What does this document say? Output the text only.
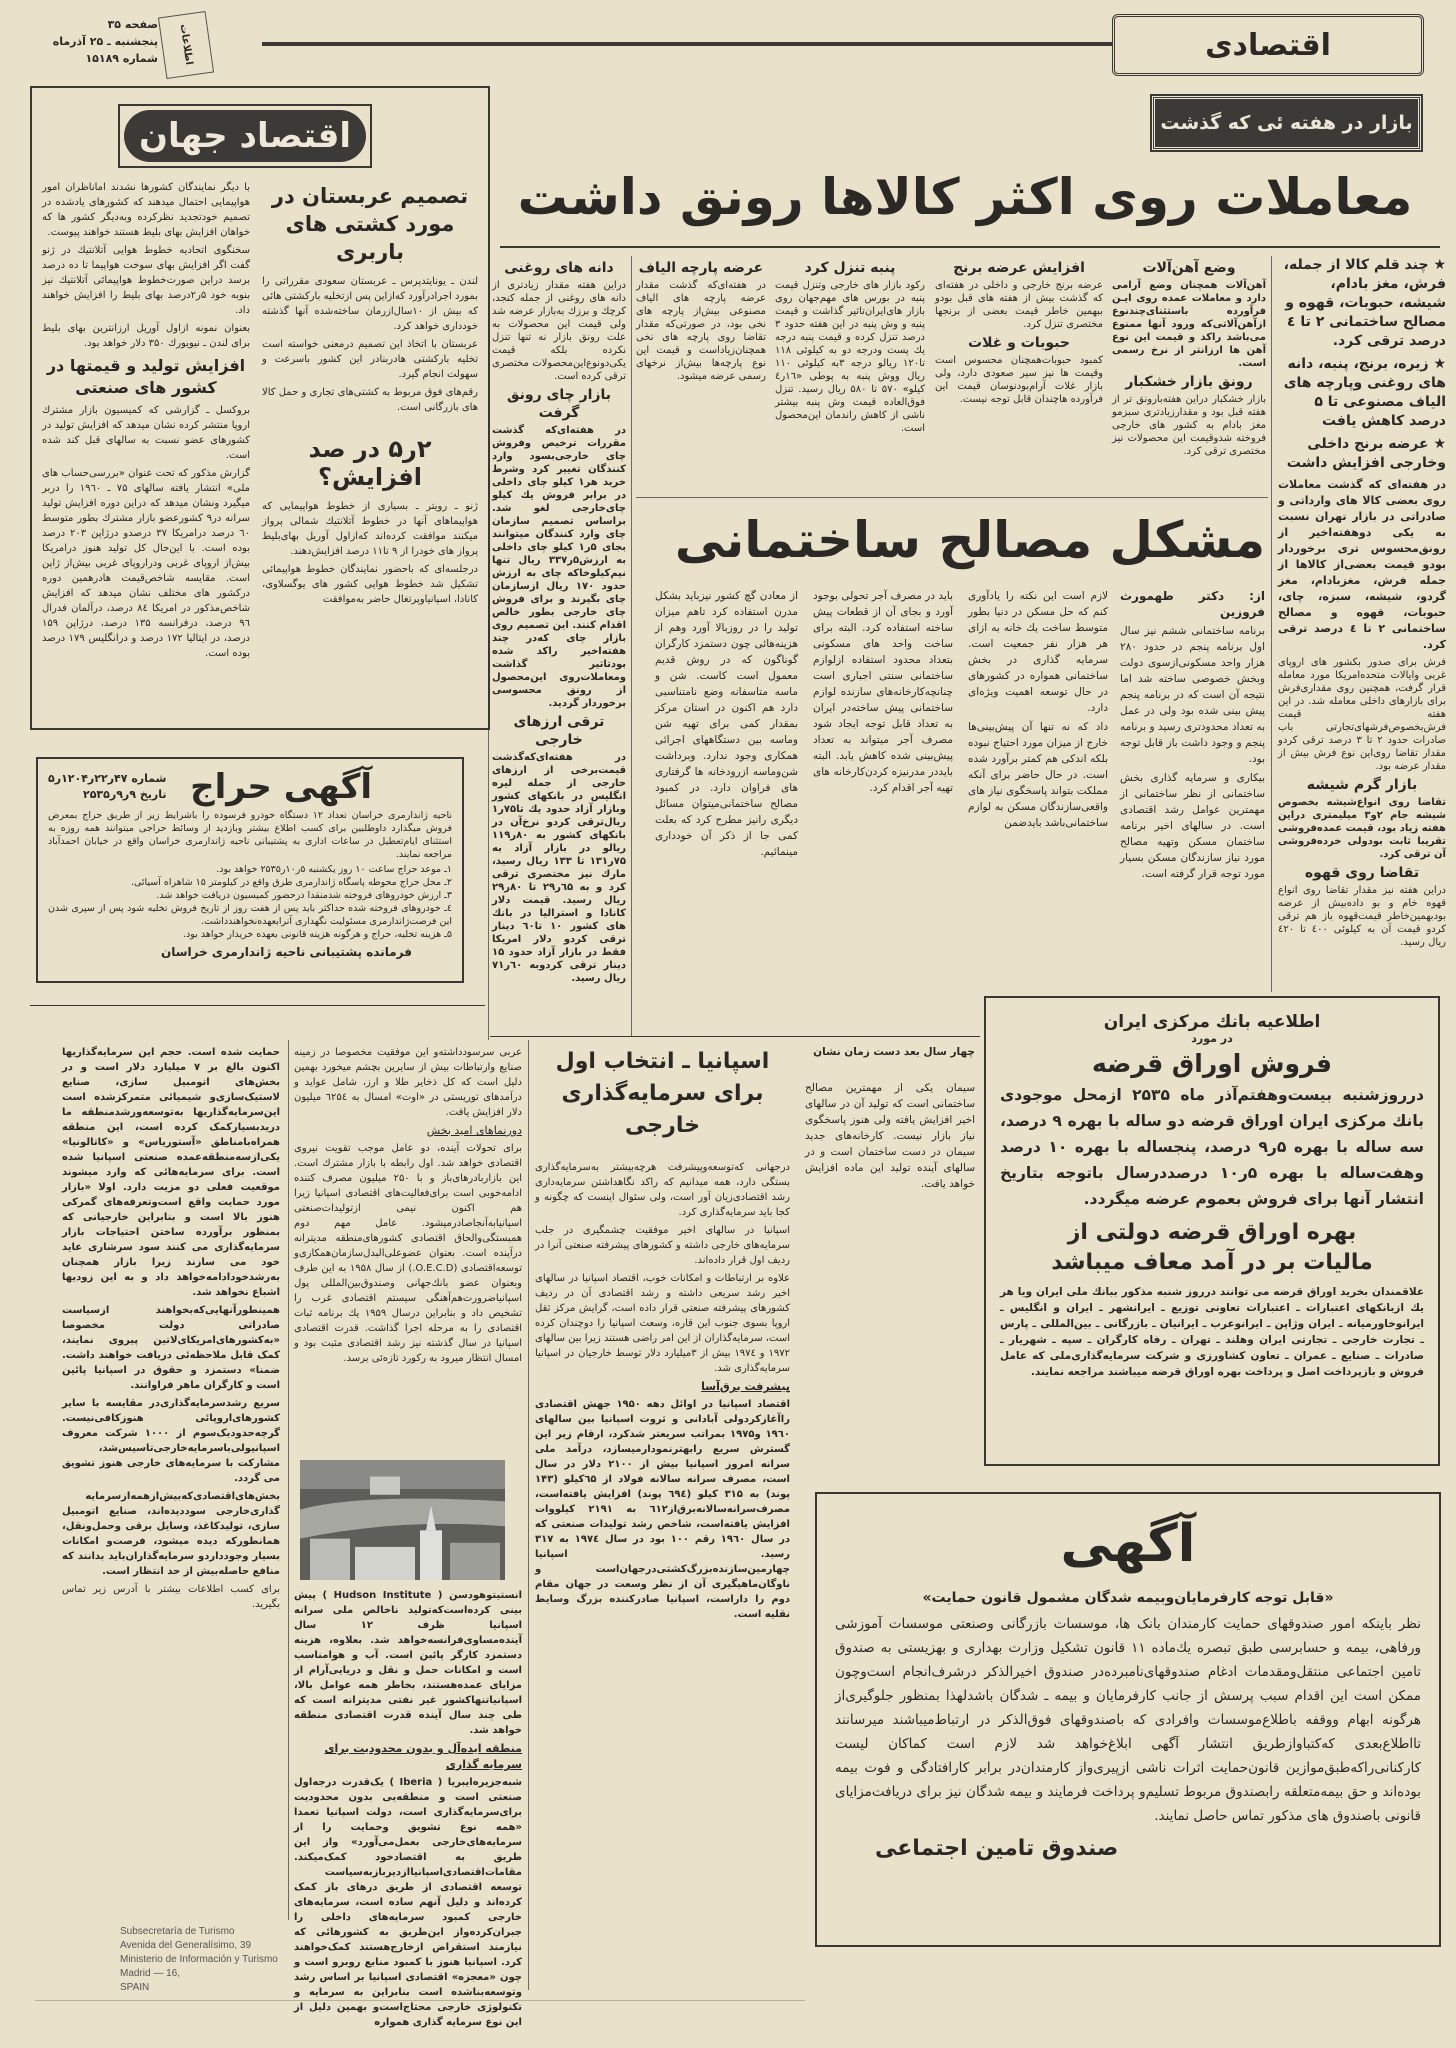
اقتصادی
اطلاعات
صفحه ۳۵
پنجشنبه ـ ۲۵ آذرماه
شماره ۱۵۱۸۹
بازار در هفته ئی که گذشت
معاملات روی اکثر کالاها رونق داشت

★ چند قلم کالا از جمله، فرش، مغز بادام، شیشه، حبوبات، قهوه و مصالح ساختمانی ۲ تا ٤ درصد ترقی کرد.

★ زیره، برنج، پنبه، دانه های روغنی وپارچه های الیاف مصنوعی تا ۵ درصد کاهش یافت

★ عرضه برنج داخلی وخارجی افزایش داشت

در هفته‌ای که گذشت معاملات روی بعضی کالا های وارداتی و صادراتی در بازار تهران نسبت به یکی دوهفته‌اخیر از رونق‌محسوس تری برخوردار بودو قیمت بعضی‌از کالاها از جمله فرش، مغزبادام، مغز گردو، شیشه، سبزه، چای، حبوبات، قهوه و مصالح ساختمانی ۲ تا ٤ درصد ترقی کرد.

فرش برای صدور بکشور های اروپای غربی وایالات متحده‌امریکا مورد معامله قرار گرفت، همچنین روی مقداری‌فرش برای بازارهای داخلی معامله شد. در این هفته قیمت فرش‌بخصوص‌فرشهای‌تجارتی باب صادرات حدود ۲ تا ۳ درصد ترقی کردو مقدار تقاضا روی‌این نوع فرش بیش از مقدار عرضه بود.

بازار گرم شیشه

تقاضا روی انواع‌شیشه بخصوص شیشه جام ۲و۳ میلیمتری دراین هفته زیاد بود، قیمت عمده‌فروشی تقریبا ثابت بودولی خرده‌فروشی آن ترقی کرد.

تقاضا روی قهوه

دراین هفته نیز مقدار تقاضا روی انواع قهوه خام و بو داده‌بیش از عرضه بودبهمین‌خاطر قیمت‌قهوه باز هم ترقی کردو قیمت آن به کیلوئی ٤۰۰ تا ٤۲۰ ریال رسید.

وضع آهن‌آلات

آهن‌آلات همچنان وضع آرامی دارد و معاملات عمده روی ایـن فرآورده باستثنای‌چندنوع ازآهن‌آلاتی‌که ورود آنها ممنوع می‌باشد راکد و قیمت این نوع آهن ها ارزانتر از نرخ رسمی است.

رونق بازار خشکبار

بازار خشکبار دراین هفته‌بارونق تر از هفته قبل بود و مقدارزیادتری سبزمو مغز بادام به کشور های خارجی فروخته شدوقیمت این محصولات نیز مختصری ترقی کرد.

افزایش عرضه برنج

عرضه برنج خارجی و داخلی در هفته‌ای که گذشت بیش از هفته های قبل بودو ببهمین خاطر قیمت بعضی از برنجها مختصری تنزل کرد.

حبوبات و غلات

کمبود حبوبات‌همچنان محسوس است وقیمت ها نیز سیر صعودی دارد، ولی بازار غلات آرام‌بودنوسان قیمت این فرآورده هاچندان قابل توجه نیست.

پنبه تنزل کرد

رکود بازار های خارجی وتنزل قیمت پنبه در بورس های مهم‌جهان روی بازار های‌ایران‌تاثیر گذاشت و قیمت پنبه و وش پنبه در این هفته حدود ۳ درصد تنزل کرده و قیمت پنبه درجه یك پست ودرجه دو به کیلوئی ۱۱۸ تا۱۲۰ ریالو درجه ۳به کیلوئی ۱۱۰ ریال ووش پنبه به پوطی «۱٦ر٤ کیلو» ۵۷۰ تا ۵۸۰ ریال رسید. تنزل فوق‌العاده قیمت وش پنبه بیشتر ناشی از کاهش راندمان این‌محصول است.

عرضه پارچه الیاف

در هفته‌ای‌که گذشت مقدار عرضه پارچه های الیاف مصنوعی بیش‌از پارچه های نخی بود، در صورتی‌که مقدار تقاضا روی پارچه های نخی همچنان‌زیاداست و قیمت این نوع پارچه‌ها بیش‌از نرخهای رسمی عرضه میشود.

دانه های روغنی

دراین هفته مقدار زیادتری از دانه های روغنی از جمله کنجد، کرچك و برزك به‌بازار عرضه شد ولی قیمت این محصولات به علت رونق بازار نه تنها تنزل نکرده بلکه قیمت یکی‌دونوع‌این‌محصولات مختصری ترقی کرده است.

بازار چای رونق گرفت

در هفته‌ای‌که گذشت مقررات ترخیص وفروش چای خارجی‌بسود وارد کنندگان تغییر کرد وشرط خرید هر۱ کیلو چای داخلی در برابر فروش یك کیلو چای‌خارجی لغو شد. براساس تصمیم سازمان چای وارد کنندگان میتوانند بجای ۵ر۱ کیلو چای داخلی به ارزش۵ر۳۳۷ ریال تنها نیم‌کیلوخاکه چای به ارزش حدود ۱۷۰ ریال ازسازمان چای بگیرند و برای فروش چای خارجی بطور خالص اقدام کنند. این تصمیم روی بازار چای که‌در چند هفته‌اخیر راکد شده بود‌تاثیر گذاشت ومعاملات‌روی این‌محصول از رونق محسوسی برخوردار گردید.

ترقی ارزهای خارجی

در هفته‌ای‌که‌گذشت قیمت‌برخی از ارزهای خارجی از جمله لیره انگلیس در بانکهای کشور وبازار آزاد حدود یك تا۷۵ر۱ ریال‌ترقی کردو نرخ‌آن در بانکهای کشور به ۸۰ر۱۱۹ ریالو در بازار آزاد به ۷۵ر۱۳۱ تا ۱۳۳ ریال رسید، مارك نیز مختصری ترقی کرد و به ٦۵ر۲۹ تا ۸۰ر۲۹ ریال رسید. قیمت دلار کانادا و استرالیا در بانك های کشور ۱۰ تا٦۰ دینار ترقی کردو دلار امریکا فقط در بازار آزاد حدود ۱۵ دینار ترقی کردوبه ٦۰ر۷۱ ریال رسید.

مشکل مصالح ساختمانی

از: دکتر طهمورث فروزین

برنامه ساختمانی ششم نیز سال اول برنامه پنجم در حدود ۲۸۰ هزار واحد مسکونی‌ازسوی دولت وبخش خصوصی ساخته شد اما نتیجه آن است که در برنامه پنجم پیش بینی شده بود ولی در عمل به تعداد محدودتری رسید و برنامه پنجم و وجود داشت باز قابل توجه بود.

بیکاری و سرمایه گذاری بخش ساختمانی از نظر ساختمانی از مهمترین عوامل رشد اقتصادی است. در سالهای اخیر برنامه ساختمان مسکن وتهیه مصالح مورد نیاز سازندگان مسکن بسیار مورد توجه قرار گرفته است.

لازم است این نکته را یادآوری کنم که حل مسکن در دنیا بطور متوسط ساخت یك خانه به ازای هر هزار نفر جمعیت است. سرمایه گذاری در بخش ساختمانی همواره در کشورهای در حال توسعه اهمیت ویژه‌ای دارد.

داد که نه تنها آن پیش‌بینی‌ها خارج از میزان مورد احتیاج نبوده بلکه اندکی هم کمتر برآورد شده است. در حال حاضر برای آنکه مملکت بتواند پاسخگوی نیاز های واقعی‌سازندگان مسکن به لوازم ساختمانی‌باشد بایدضمن

باید در مصرف آجر تحولی بوجود آورد و بجای آن از قطعات پیش ساخته استفاده کرد. البته برای ساخت واحد های مسکونی بتعداد محدود استفاده ازلوازم ساختمانی سنتی اجباری است چنانچه‌کارخانه‌های سازنده لوازم ساختمانی پیش ساخته‌در ایران به تعداد قابل توجه ایجاد شود مصرف آجر میتواند به تعداد پیش‌بینی شده کاهش یابد. البته بایددر مدرنیزه کردن‌کارخانه های تهیه آجر اقدام کرد.

از معادن گچ کشور نیزباید بشکل مدرن استفاده کرد تاهم میزان تولید را در روزبالا آورد وهم از هزینه‌هائی چون دستمزد کارگران گوناگون که در روش قدیم معمول است کاست. شن و ماسه متاسفانه وضع نامتناسبی دارد هم اکنون در استان مرکز بمقدار کمی برای تهیه شن وماسه بین دستگاههای اجرائی همکاری وجود ندارد. وبرداشت شن‌وماسه ازرودخانه ها گرفتاری های فراوان دارد. در کمبود مصالح ساختمانی‌میتوان مسائل دیگری رانیز مطرح کرد که بعلت کمی جا از ذکر آن خودداری مینمائیم.

چهار سال بعد دست زمان نشان

سیمان یکی از مهمترین مصالح ساختمانی است که تولید آن در سالهای اخیر افزایش یافته ولی هنوز پاسخگوی نیاز بازار نیست. کارخانه‌های جدید سیمان در دست ساختمان است و در سالهای آینده تولید این ماده افزایش خواهد یافت.

اقتصاد جهان

تصمیم عربستان در مورد کشتی های باربری

لندن ـ یونایتدپرس ـ عربستان سعودی مقرراتی را بمورد اجرادرآورد که‌ازاین پس ازتخلیه بارکشتی هائی که بیش از ۱۰سال‌ازرمان ساخته‌شده آنها گذشته خودداری خواهد کرد.

عربستان با اتخاذ این تصمیم درمعنی خواسته است تخلیه بارکشتی هادربنادر این کشور باسرعت و سهولت انجام گیرد.

رقم‌های فوق مربوط به کشتی‌های تجاری و حمل کالا های بازرگانی است.

۲ر۵ در صد افزایش؟

ژنو ـ رویتر ـ بسیاری از خطوط هواپیمایی که هواپیماهای آنها در خطوط آتلانتیك شمالی پرواز میکنند موافقت کرده‌اند که‌ازاول آوریل بهای‌بلیط پرواز های خودرا از ۹ تا۱۱ درصد افزایش‌دهند.

درجلسه‌ای که باحضور نمایندگان خطوط هواپیمائی تشکیل شد خطوط هوایی کشور های یوگسلاوی، کانادا، اسپانیاوپرتغال حاضر به‌موافقت

با دیگر نمایندگان کشورها نشدند امانا‌ظران امور هواپیمایی احتمال میدهند که کشورهای یادشده در تصمیم خودتجدید نظرکرده وبه‌دیگر کشور ها که خواهان افزایش بهای بلیط هستند خواهند پیوست.

سخنگوی اتحادیه خطوط هوایی آتلانتیك در ژنو گفت اگر افزایش بهای سوخت هواپیما تا ده درصد برسد دراین صورت‌خطوط هواپیمائی آتلانتیك نیز بنوبه خود ۵ر۲درصد بهای بلیط را افزایش خواهند داد.

بعنوان نمونه ازاول آوریل ارزانترین بهای بلیط برای لندن ـ نیویورك ۳۵۰ دلار خواهد بود.

افزایش تولید و قیمتها در کشور های صنعتی

بروکسل ـ گزارشی که کمیسیون بازار مشترك اروپا منتشر کرده نشان میدهد که افزایش تولید در کشورهای عضو نسبت به سالهای قبل کند شده است.

گزارش مذکور که تحت عنوان «بررسی‌حساب های ملی» انتشار یافته سالهای ۷۵ ـ ۱۹٦۰ را دربر میگیرد ونشان میدهد که دراین دوره افزایش تولید سرانه در۹ کشورعضو بازار مشترك بطور متوسط ٦۰ درصد درامریکا ۳۷ درصدو درژاپن ۲۰۳ درصد بوده است. با این‌حال کل تولید هنوز درامریکا بیش‌از اروپای غربی ودراروپای غربی بیش‌از ژاپن است. مقایسه شاخص‌قیمت هادرهمین دوره درکشور های مختلف نشان میدهد که افزایش شاخص‌مذکور در امریکا ۸٤ درصد، درآلمان فدرال ۹٦ درصد، درفرانسه ۱۳۵ درصد، درژاپن ۱۵۹ درصد، در ایتالیا ۱۷۲ درصد و درانگلیس ۱۷۹ درصد بوده است.

آگهی حراج
شماره ۴۷ر۲۲ر۱۲۰۴ر۵
تاریخ ۹ر۹ر۲۵۳۵

ناحیه ژاندارمری خراسان تعداد ۱۲ دستگاه خودرو فرسوده را باشرایط زیر از طریق حراج بمعرض فروش میگذارد داوطلبین برای کسب اطلاع بیشتر وبازدید از وسائط حراجی میتوانند همه روزه به استثنای ایام‌تعطیل در ساعات اداری به پشتیبانی ناحیه ژاندارمری خراسان واقع در خیابان احمدآباد مراجعه نمایند.

۱ـ موعد حراج ساعت ۱۰ روز یکشنبه ۵ر۱۰ر۲۵۳۵ خواهد بود.

۲ـ محل حراج محوطه پاسگاه ژاندارمری طرق واقع در کیلومتر ۱۵ شاهراه آسیائی.

۳ـ ارزش خودروهای فروخته شدمنقدا درحضور کمیسیون دریافت خواهد شد.

٤ـ خودروهای فروخته شده حداکثر باید پس از هفت روز از تاریخ فروش تخلیه شود پس از سپری شدن این فرصت‌ژاندارمری مسئولیت نگهداری آنرابعهده‌نخواهندداشت.

۵ـ هزینه تخلیه، حراج و هرگونه هزینه قانونی بعهده خریدار خواهد بود.

فرمانده پشتیبانی ناحیه ژاندارمری خراسان

اسپانیا ـ انتخاب اول برای سرمایه‌گذاری خارجی

درجهانی که‌توسعه‌وپیشرفت هرچه‌بیشتر به‌سرمایه‌گذاری بستگی دارد، همه میدانیم که راکد نگاهداشتن سرمایه‌داری رشد اقتصادی‌زیان آور است، ولی سئوال اینست که چگونه و کجا باید سرمایه‌گذاری کرد.

اسپانیا در سالهای اخیر موفقیت چشمگیری در جلب سرمایه‌های خارجی داشته و کشورهای پیشرفته صنعتی آنرا در ردیف اول قرار داده‌اند.

علاوه بر ارتباطات و امکانات خوب، اقتصاد اسپانیا در سالهای اخیر رشد سریعی داشته و رشد اقتصادی آن در ردیف کشورهای پیشرفته صنعتی قرار داده است، گرایش مرکز ثقل اروپا بسوی جنوب این قاره، وسعت اسپانیا را دوچندان کرده است، سرمایه‌گذاران از این امر راضی هستند زیرا بین سالهای ۱۹۷۲ و ۱۹۷٤ بیش از ۳میلیارد دلار توسط خارجیان در اسپانیا سرمایه‌گذاری شد.

پیشرفت برق‌آسا

اقتصاد اسپانیا در اوائل دهه ۱۹۵۰ جهش اقتصادی راآغازکردولی آبادانی و ثروت اسپانیا بین سالهای ۱۹٦۰ و۱۹۷۵ بمراتب سریعتر شدکرد، ارقام زیر این گسترش سریع رابهترنمودارمیسازد، درآمد ملی سرانه امروز اسپانیا بیش از ۲۱۰۰ دلار در سال است، مصرف سرانه سالانه فولاد از ٦۵کیلو (۱۴۳ پوند) به ۳۱۵ کیلو (٦۹٤ پوند) افزایش یافته‌است، مصرف‌سرانه‌سالانه‌برق‌از٦۱۲ به ۲۱۹۱ کیلووات افزایش یافته‌است، شاخص رشد تولیدات صنعتی که در سال ۱۹٦۰ رقم ۱۰۰ بود در سال ۱۹۷٤ به ۳۱۷ رسید. اسپانیا چهارمین‌سازنده‌بزرگ‌کشتی‌درجهان‌است و ناوگان‌ماهیگیری آن از نظر وسعت در جهان مقام دوم را داراست، اسپانیا صادرکننده بزرگ وسایط نقلیه است.

عربی سرسودداشته‌و این موفقیت مخصوصا در زمینه صنایع وارتباطات بیش از سایرین بچشم میخورد بهمین دلیل است که کل ذخایر طلا و ارز، شامل عواید و درآمدهای توریستی در «اوت» امسال به ٦۲۵٤ میلیون دلار افزایش یافت.

دورنماهای امید بخش

برای تحولات آینده، دو عامل موجب تقویت نیروی اقتصادی خواهد شد. اول رابطه با بازار مشترك است. این بازاربادرهای‌باز و با ۲۵۰ میلیون مصرف کننده ادامه‌خوبی است برای‌فعالیت‌های اقتصادی اسپانیا زیرا هم اکنون نیمی ازتولیدات‌صنعتی اسپانیابه‌آنجاصادرمیشود. عامل مهم دوم همبستگی‌والحاق اقتصادی کشورهای‌منطقه مدیترانه درآینده است. بعنوان عضوعلی‌البدل‌سازمان‌همکاری‌و توسعه‌اقتصادی (O.E.C.D.) از سال ۱۹۵۸ به این طرف وبعنوان عضو بانك‌جهانی وصندوق‌بین‌المللی پول اسپانیاضرورت‌هم‌آهنگی سیستم اقتصادی غرب را تشخیص داد و بنابراین درسال ۱۹۵۹ یك برنامه ثبات اقتصادی را به مرحله اجرا گذاشت. قدرت اقتصادی اسپانیا در سال گذشته نیز رشد اقتصادی مثبت بود و امسال انتظار میرود به رکورد تازه‌ئی برسد.

انستیتوهودسن ( Hudson Institute ) پیش بینی کرده‌است‌که‌تولید ناخالص ملی سرانه اسپانیا ظرف ۱۲ سال آینده‌مساوی‌فرانسه‌خواهد شد. بعلاوه، هزینه دستمزد کارگر پائین است. آب و هوامناسب است و امکانات حمل و نقل و دریایی‌آرام از مزایای عمده‌هستند، بخاطر همه عوامل بالا، اسپانیاتنهاکشور غیر نفتی مدیترانه است که طی چند سال آینده قدرت اقتصادی منطقه خواهد شد.

منطقه ایده‌آل و بدون محدودیت برای سرمایه گذاری

شبه‌جزیره‌ایبریا ( Iberia ) یک‌قدرت درجه‌اول صنعتی است و منطقه‌یی بدون محدودیت برای‌سرمایه‌گذاری است، دولت اسپانیا تعمدا «همه نوع تشویق وحمایت را از سرمایه‌های‌خارجی بعمل‌می‌آورد» واز این طریق به اقتصادخود کمک‌میکند. مقامات‌اقتصادی‌اسپانیاازدیرباز‌به‌سیاست توسعه اقتصادی از طریق درهای باز کمک کرده‌اند و دلیل آنهم ساده است، سرمایه‌های خارجی کمبود سرمایه‌های داخلی را جبران‌کرده‌واز این‌طریق به کشورهائی که نیازمند استقراض ازخارج‌هستند کمک‌خواهند کرد. اسپانیا هنوز با کمبود منابع روبرو است و چون «معجزه» اقتصادی اسپانیا بر اساس رشد وتوسعه‌بناشده است بنابراین به سرمایه و تکنولوژی خارجی محتاج‌است‌و بهمین دلیل از این نوع سرمایه گذاری همواره

حمایت شده است. حجم این سرمایه‌گذاریها اکنون بالغ بر ۷ میلیارد دلار است و در بخش‌های اتومبیل سازی، صنایع لاستیک‌سازی‌و شیمیائی متمرکزشده است این‌سرمایه‌گذاریها به‌توسعه‌ورشد‌منطقه ما درید‌بسیار‌کمک کرده است، این منطقه همراه‌با‌مناطق «آستوریاس» و «کاتالونیا» یکی‌از‌سه‌منطقه‌عمده صنعتی اسپانیا شده است. برای سرمایه‌هائی که وارد میشوند موقعیت فعلی دو مزیت دارد. اولا «بازار مورد حمایت واقع است‌وتعرفه‌های گمرکی هنوز بالا است و بنابراین خارجیانی که بمنظور برآورده ساختن احتیاجات بازار سرمایه‌گذاری می کنند سود سرشاری عاید خود می سازند زیرا بازار همچنان به‌رشدخود‌ادامه‌خواهد داد و به این زودیها اشباع نخواهد شد.

همینطورآنهایی‌که‌بخواهند ازسیاست صادراتی دولت مخصوصا «به‌کشورهای‌امریکای‌لاتین پیروی نمایند، کمک قابل ملاحظه‌ئی دریافت خواهند داشت. ضمنا» دستمزد و حقوق در اسپانیا پائین است و کارگران ماهر فراوانند.

سریع رشدسرمایه‌گذاری‌در مقایسه با سایر کشورهای‌اروپائی هنوزکافی‌نیست. گرچه‌حدودیک‌سوم از ۱۰۰۰ شرکت معروف اسپانیولی‌باسرمایه‌خارجی‌تاسیس‌شد، مشارکت با سرمایه‌های خارجی هنوز تشویق می گردد.

بخش‌های‌اقتصادی‌که‌بیش‌از‌همه‌از‌سرمایه گذاری‌خارجی سود‌دیده‌اند، صنایع اتومبیل سازی، تولیدکاغذ، وسایل برقی وحمل‌ونقل، همانطورکه دیده میشود، فرصت‌و امکانات بسیار وجوددارد‌و سرمایه‌گذاران‌باید بدانند که منافع حاصله‌بیش از حد انتظار است.

برای کسب اطلاعات بیشتر با آدرس زیر تماس بگیرید.

Subsecretaría de Turismo
Avenida del Generalísimo, 39
Ministerio de Información y Turismo
Madrid — 16,
SPAIN

اطلاعیه بانك مرکزی ایران

در مورد

فروش اوراق قرضه

درروزشنبه بیست‌وهفتم‌آذر ماه ۲۵۳۵ ازمحل موجودی بانك مرکزی ایران اوراق قرضه دو ساله با بهره ۹ درصد، سه ساله با بهره ۵ر۹ درصد، پنجساله با بهره ۱۰ درصد وهفت‌ساله با بهره ۵ر۱۰ درصددرسال باتوجه بتاریخ انتشار آنها برای فروش بعموم عرضه میگردد.

بهره اوراق قرضه دولتی از

مالیات بر در آمد معاف میباشد

علاقمندان بخرید اوراق قرضه می توانند درروز شنبه مذکور ببانك ملی ایران ویا هر یك ازبانکهای اعتبارات ـ اعتبارات تعاونی توزیع ـ ایرانشهر ـ ایران و انگلیس ـ ایرانوخاورمیانه ـ ایران وژاپن ـ ایرانوعرب ـ ایرانیان ـ بازرگانی ـ بین‌المللی ـ پارس ـ تجارت خارجی ـ تجارتی ایران وهلند ـ تهران ـ رفاه کارگران ـ سپه ـ شهریار ـ صادرات ـ صنایع ـ عمران ـ تعاون کشاورزی و شرکت سرمایه‌گذاری‌ملی که عامل فروش و بازپرداخت اصل و پرداخت بهره اوراق قرضه میباشند مراجعه نمایند.

آگهی

«قابل توجه کارفرمایان‌وبیمه شدگان مشمول قانون حمایت»

نظر باینکه امور صندوقهای حمایت کارمندان بانک ها، موسسات بازرگانی وصنعتی موسسات آموزشی ورفاهی، بیمه و حسابرسی طبق تبصره یك‌ماده ۱۱ قانون تشکیل وزارت بهداری و بهزیستی به صندوق تامین اجتماعی منتقل‌ومقدمات ادغام صندوقهای‌نامبرده‌در صندوق اخیرالذکر درشرف‌انجام است‌وچون ممکن است این اقدام سبب پرسش از جانب کارفرمایان و بیمه ـ شدگان باشدلهذا بمنظور جلوگیری‌از هرگونه ابهام ووقفه باطلاع‌موسسات وافرادی که باصندوقهای فوق‌الذکر در ارتباط‌میباشند میرسانند تااطلاع‌بعدی که‌کتباوازطریق انتشار آگهی ابلاغ‌خواهد شد لازم است کماکان لیست کارکنانی‌راکه‌طبق‌موازین قانون‌حمایت اثرات ناشی ازپیری‌واز کارمندان‌در برابر کارافتادگی و فوت بیمه بوده‌اند و حق بیمه‌متعلقه رابصندوق مربوط تسلیم‌و پرداخت فرمایند و بیمه شدگان نیز برای دریافت‌مزایای قانونی باصندوق های مذکور تماس حاصل نمایند.

صندوق تامین اجتماعی
